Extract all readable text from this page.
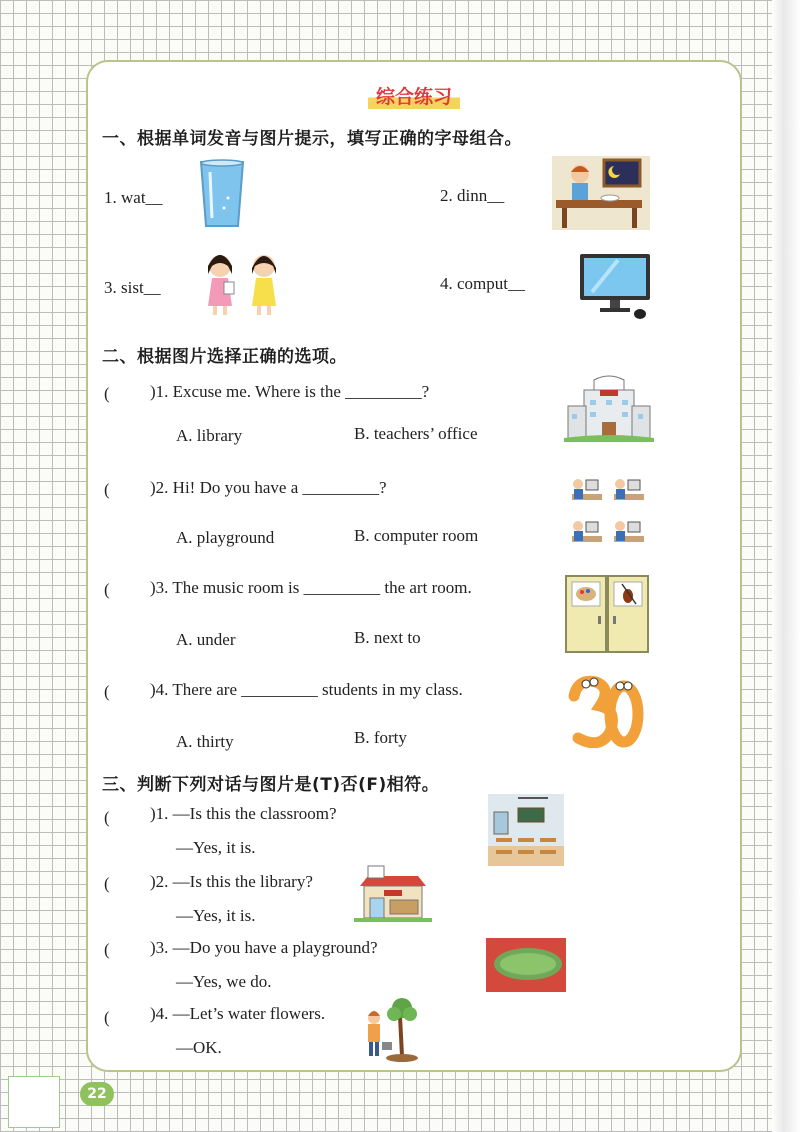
综合练习
一、根据单词发音与图片提示，填写正确的字母组合。
1. wat__	2. dinn__
3. sist__	4. comput__
二、根据图片选择正确的选项。
( )1. Excuse me. Where is the _________?
A. library	B. teachers’ office
( )2. Hi! Do you have a _________?
A. playground	B. computer room
( )3. The music room is _________ the art room.
A. under	B. next to
( )4. There are _________ students in my class.
A. thirty	B. forty
三、判断下列对话与图片是(T)否(F)相符。
( )1. —Is this the classroom?
—Yes, it is.
( )2. —Is this the library?
—Yes, it is.
( )3. —Do you have a playground?
—Yes, we do.
( )4. —Let’s water flowers.
—OK.
22
